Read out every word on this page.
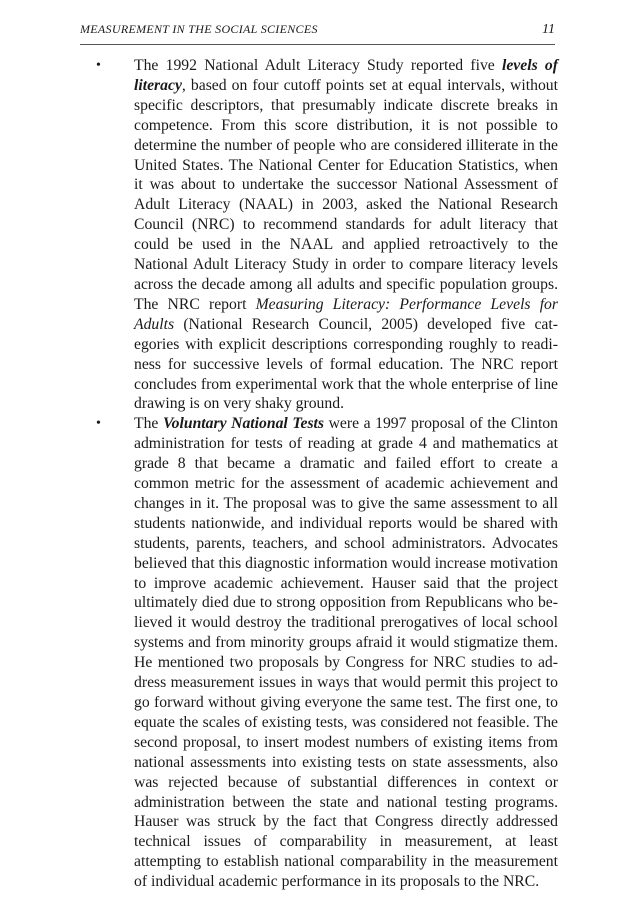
MEASUREMENT IN THE SOCIAL SCIENCES	11
• The 1992 National Adult Literacy Study reported five levels of literacy, based on four cutoff points set at equal intervals, without specific descriptors, that presumably indicate discrete breaks in competence. From this score distribution, it is not possible to determine the number of people who are considered illiterate in the United States. The National Center for Education Statistics, when it was about to undertake the successor National Assessment of Adult Literacy (NAAL) in 2003, asked the National Research Council (NRC) to recommend standards for adult literacy that could be used in the NAAL and applied retroactively to the National Adult Literacy Study in order to compare literacy levels across the decade among all adults and specific population groups. The NRC report Measuring Literacy: Performance Levels for Adults (National Research Council, 2005) developed five categories with explicit descriptions corresponding roughly to readiness for successive levels of formal education. The NRC report concludes from experimental work that the whole enterprise of line drawing is on very shaky ground.
• The Voluntary National Tests were a 1997 proposal of the Clinton administration for tests of reading at grade 4 and mathematics at grade 8 that became a dramatic and failed effort to create a common metric for the assessment of academic achievement and changes in it. The proposal was to give the same assessment to all students nationwide, and individual reports would be shared with students, parents, teachers, and school administrators. Advocates believed that this diagnostic information would increase motivation to improve academic achievement. Hauser said that the project ultimately died due to strong opposition from Republicans who believed it would destroy the traditional prerogatives of local school systems and from minority groups afraid it would stigmatize them. He mentioned two proposals by Congress for NRC studies to address measurement issues in ways that would permit this project to go forward without giving everyone the same test. The first one, to equate the scales of existing tests, was considered not feasible. The second proposal, to insert modest numbers of existing items from national assessments into existing tests on state assessments, also was rejected because of substantial differences in context or administration between the state and national testing programs. Hauser was struck by the fact that Congress directly addressed technical issues of comparability in measurement, at least attempting to establish national comparability in the measurement of individual academic performance in its proposals to the NRC.
